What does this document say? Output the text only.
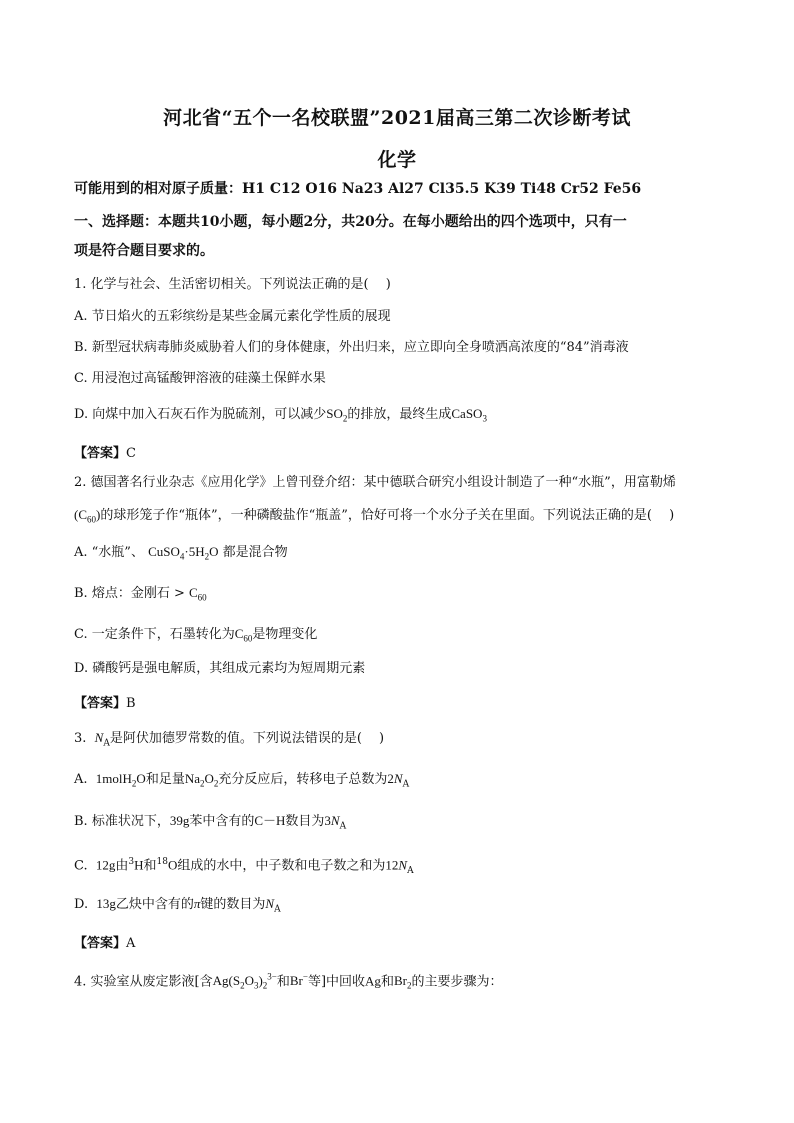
河北省“五个一名校联盟”2021届高三第二次诊断考试
化学
可能用到的相对原子质量：H1 C12 O16 Na23 Al27 Cl35.5 K39 Ti48 Cr52 Fe56
一、选择题：本题共10小题，每小题2分，共20分。在每小题给出的四个选项中，只有一
项是符合题目要求的。
1. 化学与社会、生活密切相关。下列说法正确的是(　 )
A. 节日焰火的五彩缤纷是某些金属元素化学性质的展现
B. 新型冠状病毒肺炎威胁着人们的身体健康，外出归来，应立即向全身喷洒高浓度的“84”消毒液
C. 用浸泡过高锰酸钾溶液的硅藻土保鲜水果
D. 向煤中加入石灰石作为脱硫剂，可以减少$SO_2$的排放，最终生成CaSO$_3$
【答案】C
2. 德国著名行业杂志《应用化学》上曾刊登介绍：某中德联合研究小组设计制造了一种“水瓶”，用富勒烯
$(C_{60})$的球形笼子作“瓶体”，一种磷酸盐作“瓶盖”，恰好可将一个水分子关在里面。下列说法正确的是(　 )
A. “水瓶”、 $CuSO_4\cdot 5H_2O$ 都是混合物
B. 熔点：金刚石 > $C_{60}$
C. 一定条件下，石墨转化为$C_{60}$是物理变化
D. 磷酸钙是强电解质，其组成元素均为短周期元素
【答案】B
3.  $N_A$是阿伏加德罗常数的值。下列说法错误的是(　 )
A. 1molH$_2$O和足量$Na_2O_2$充分反应后，转移电子总数为$2N_A$
B. 标准状况下，39g苯中含有的C－H数目为$3N_A$
C. 12g由$^3$H和$^{18}$O组成的水中，中子数和电子数之和为$12N_A$
D. 13g乙炔中含有的π键的数目为$N_A$
【答案】A
4. 实验室从废定影液[含$Ag(S_2O_3)_2^{3-}$和Br−等]中回收Ag和$Br_2$的主要步骤为：
